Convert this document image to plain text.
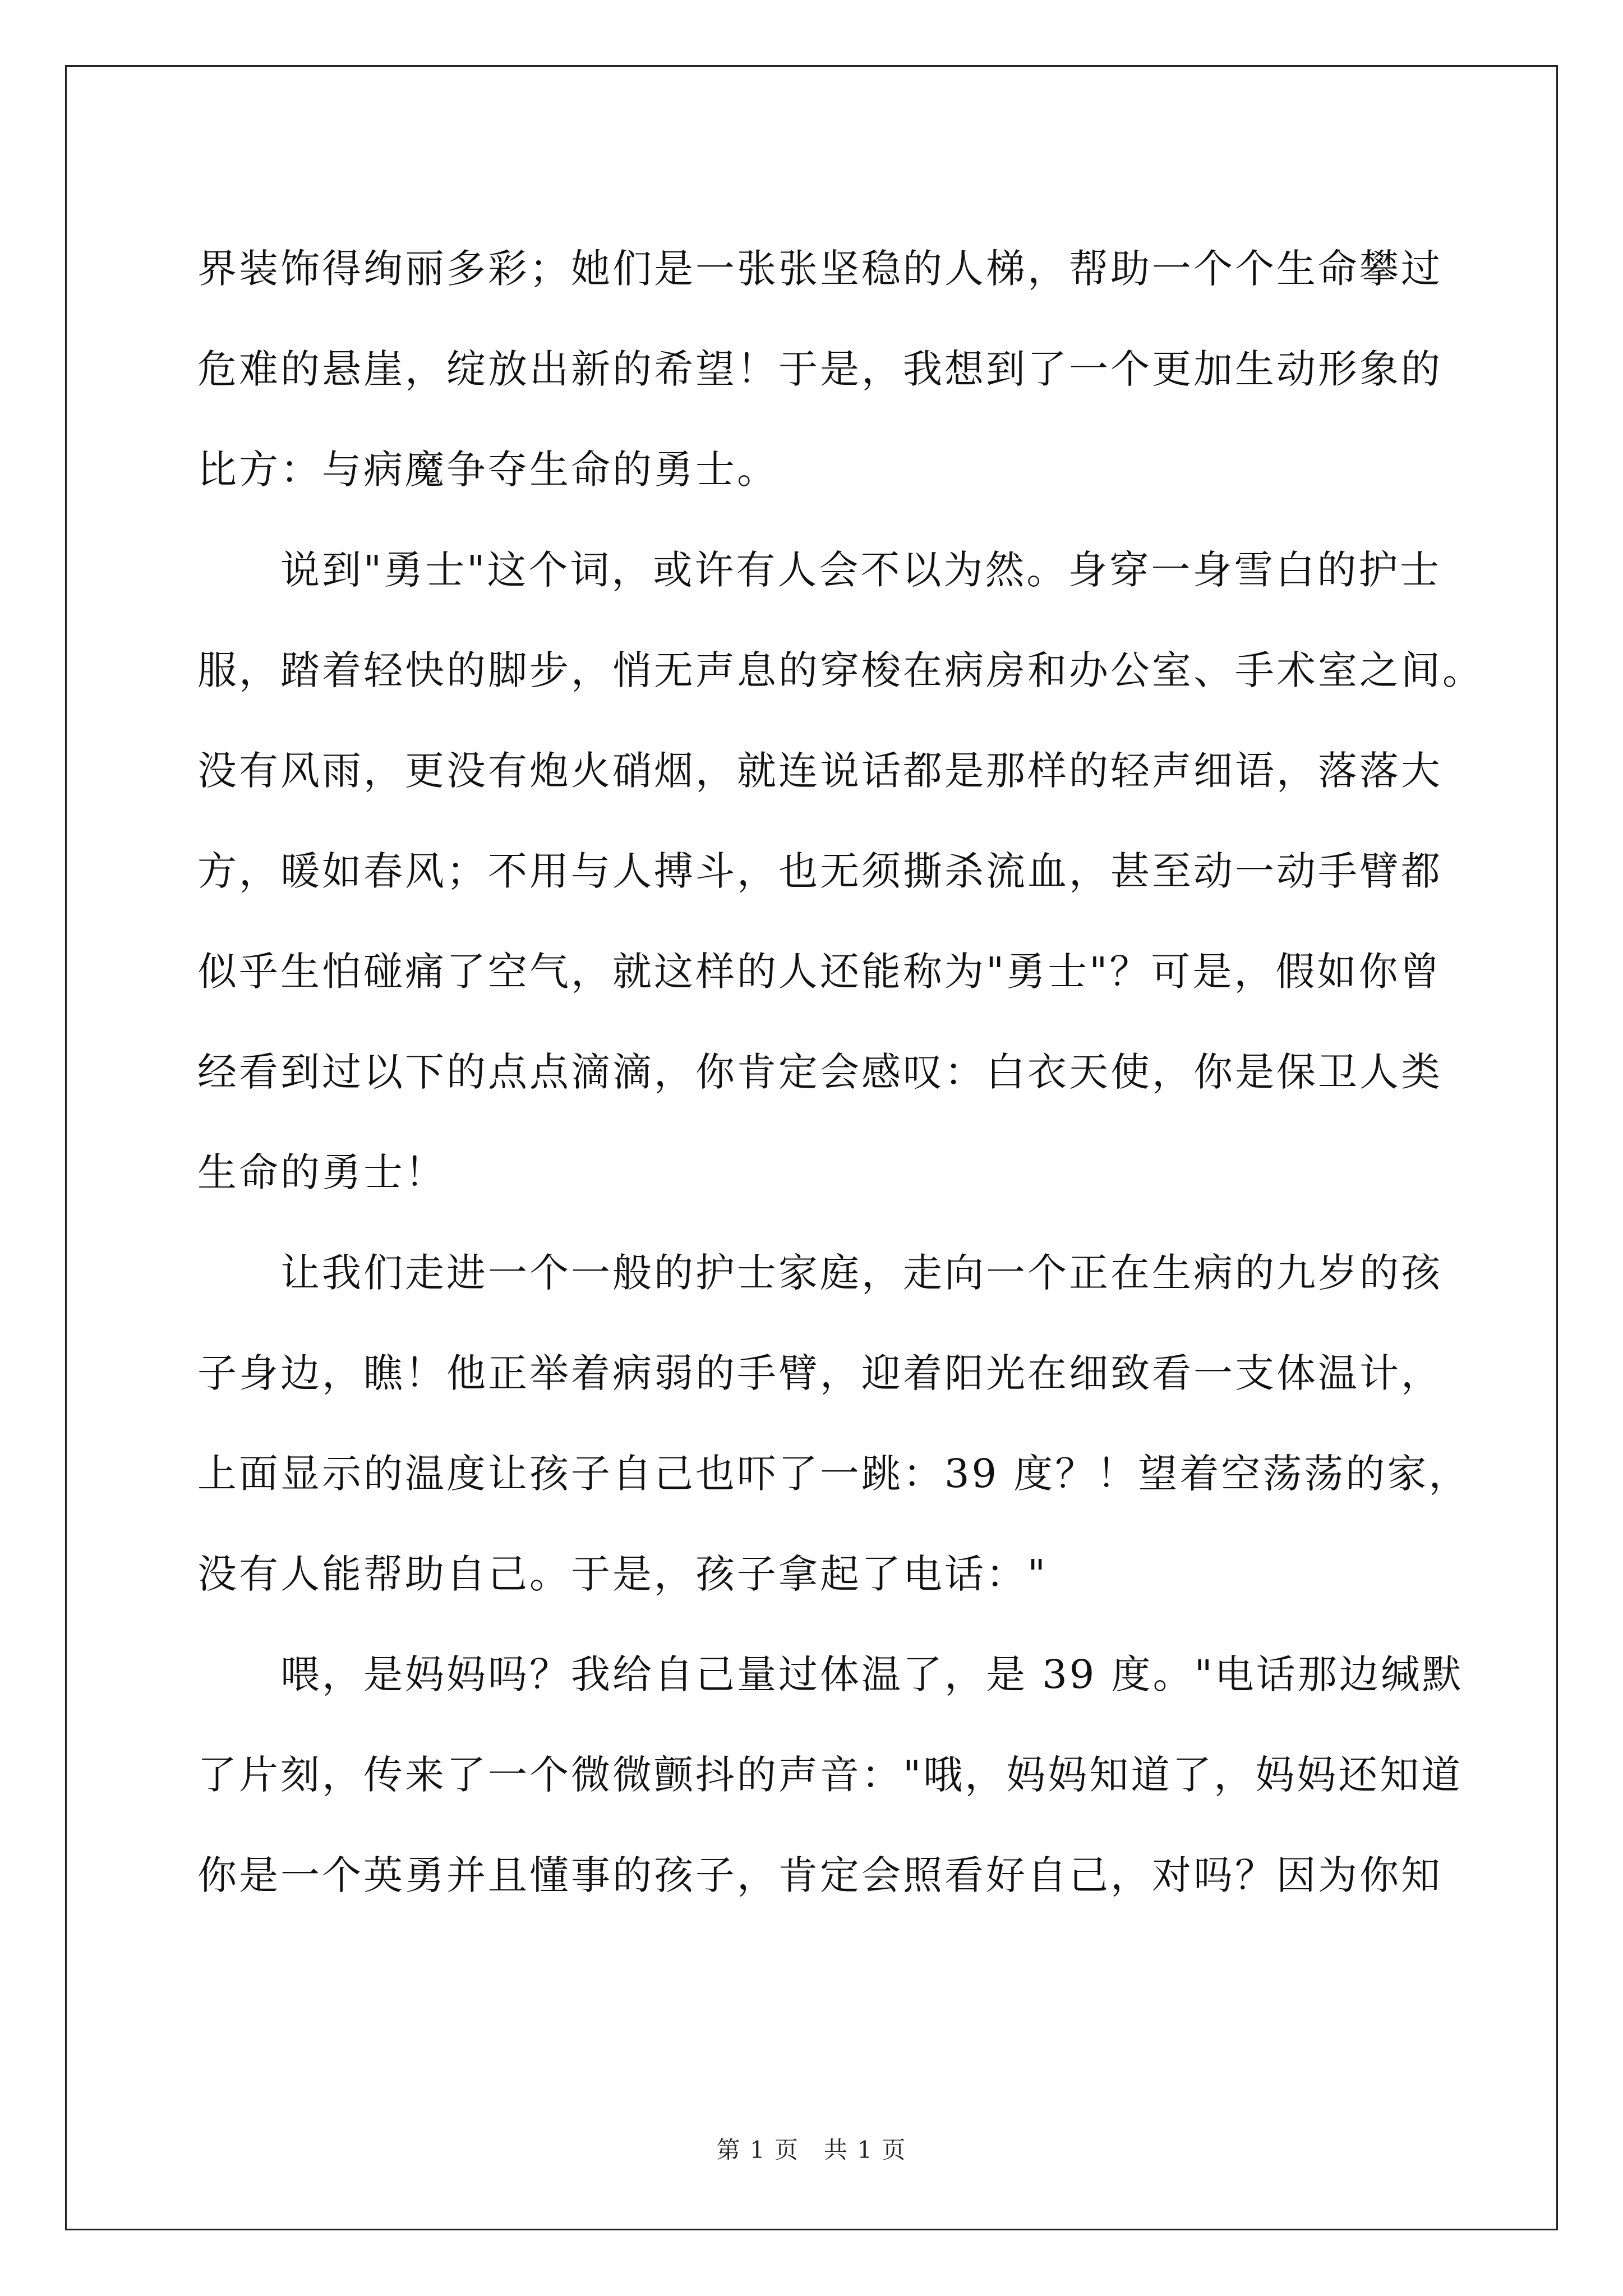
界装饰得绚丽多彩；她们是一张张坚稳的人梯，帮助一个个生命攀过
危难的悬崖，绽放出新的希望！于是，我想到了一个更加生动形象的
比方：与病魔争夺生命的勇士。
　　说到"勇士"这个词，或许有人会不以为然。身穿一身雪白的护士
服，踏着轻快的脚步，悄无声息的穿梭在病房和办公室、手术室之间。
没有风雨，更没有炮火硝烟，就连说话都是那样的轻声细语，落落大
方，暖如春风；不用与人搏斗，也无须撕杀流血，甚至动一动手臂都
似乎生怕碰痛了空气，就这样的人还能称为"勇士"？可是，假如你曾
经看到过以下的点点滴滴，你肯定会感叹：白衣天使，你是保卫人类
生命的勇士！
　　让我们走进一个一般的护士家庭，走向一个正在生病的九岁的孩
子身边，瞧！他正举着病弱的手臂，迎着阳光在细致看一支体温计，
上面显示的温度让孩子自己也吓了一跳：39 度？！望着空荡荡的家，
没有人能帮助自己。于是，孩子拿起了电话："
　　喂，是妈妈吗？我给自己量过体温了，是 39 度。"电话那边缄默
了片刻，传来了一个微微颤抖的声音："哦，妈妈知道了，妈妈还知道
你是一个英勇并且懂事的孩子，肯定会照看好自己，对吗？因为你知
第 1 页　共 1 页
